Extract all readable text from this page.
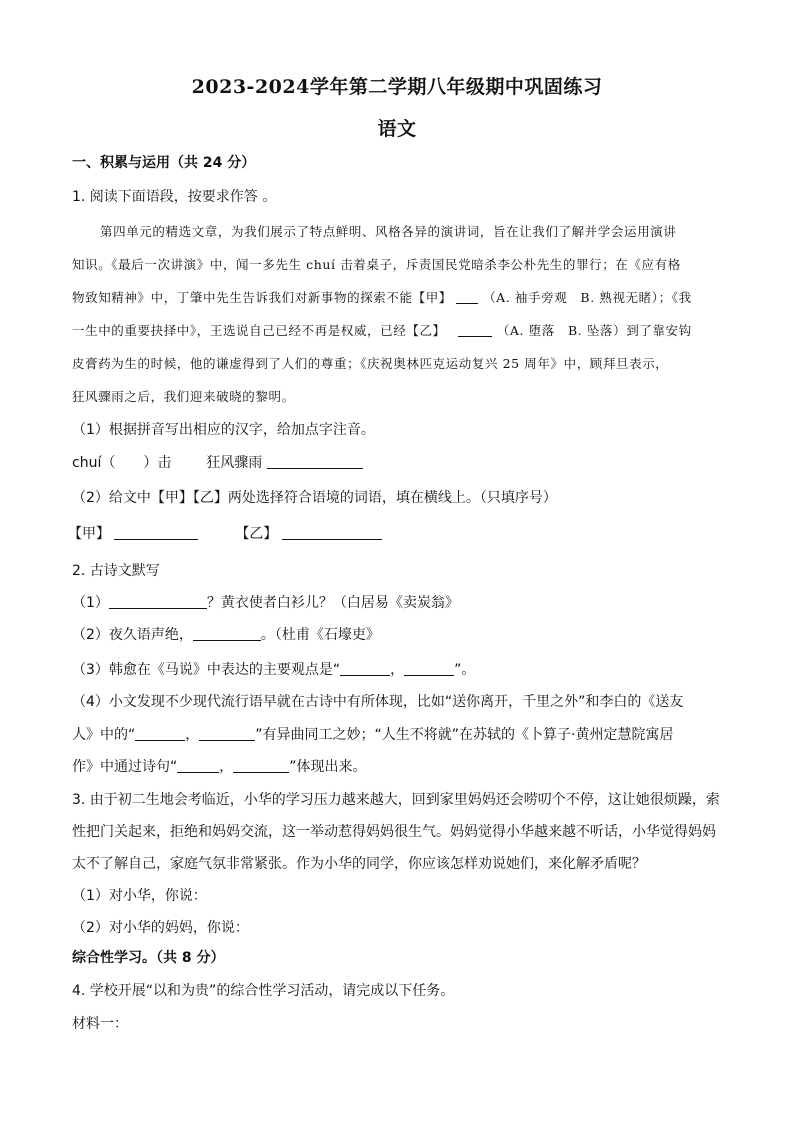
2023-2024学年第二学期八年级期中巩固练习
语文
一、积累与运用（共 24 分）
1. 阅读下面语段，按要求作答 。
第四单元的精选文章，为我们展示了特点鲜明、风格各异的演讲词，旨在让我们了解并学会运用演讲
知识。《最后一次讲演》中，闻一多先生 chuí 击着桌子，斥责国民党暗杀李公朴先生的罪行；在《应有格
物致知精神》中，丁肇中先生告诉我们对新事物的探索不能【甲】 （A. 袖手旁观　B. 熟视无睹）；《我
一生中的重要抉择中》，王选说自己已经不再是权威，已经【乙】	（A. 堕落　B. 坠落）到了靠安钩
皮膏药为生的时候，他的谦虚得到了人们的尊重；《庆祝奥林匹克运动复兴 25 周年》中，顾拜旦表示，
狂风骤雨之后，我们迎来破晓的黎明。
（1）根据拼音写出相应的汉字，给加点字注音。
chuí（　　）击 狂风骤雨
（2）给文中【甲】【乙】两处选择符合语境的词语，填在横线上。（只填序号）
【甲】	【乙】
2. 古诗文默写
（1）	？黄衣使者白衫儿？（白居易《卖炭翁》
（2）夜久语声绝，	。（杜甫《石壕吏》
（3）韩愈在《马说》中表达的主要观点是“	，	”。
（4）小文发现不少现代流行语早就在古诗中有所体现，比如“送你离开，千里之外”和李白的《送友
人》中的“	，	”有异曲同工之妙；“人生不将就”在苏轼的《卜算子·黄州定慧院寓居
作》中通过诗句“	，	”体现出来。
3. 由于初二生地会考临近，小华的学习压力越来越大，回到家里妈妈还会唠叨个不停，这让她很烦躁，索
性把门关起来，拒绝和妈妈交流，这一举动惹得妈妈很生气。妈妈觉得小华越来越不听话，小华觉得妈妈
太不了解自己，家庭气氛非常紧张。作为小华的同学，你应该怎样劝说她们，来化解矛盾呢？
（1）对小华，你说：
（2）对小华的妈妈，你说：
综合性学习。（共 8 分）
4. 学校开展“以和为贵”的综合性学习活动，请完成以下任务。
材料一：
